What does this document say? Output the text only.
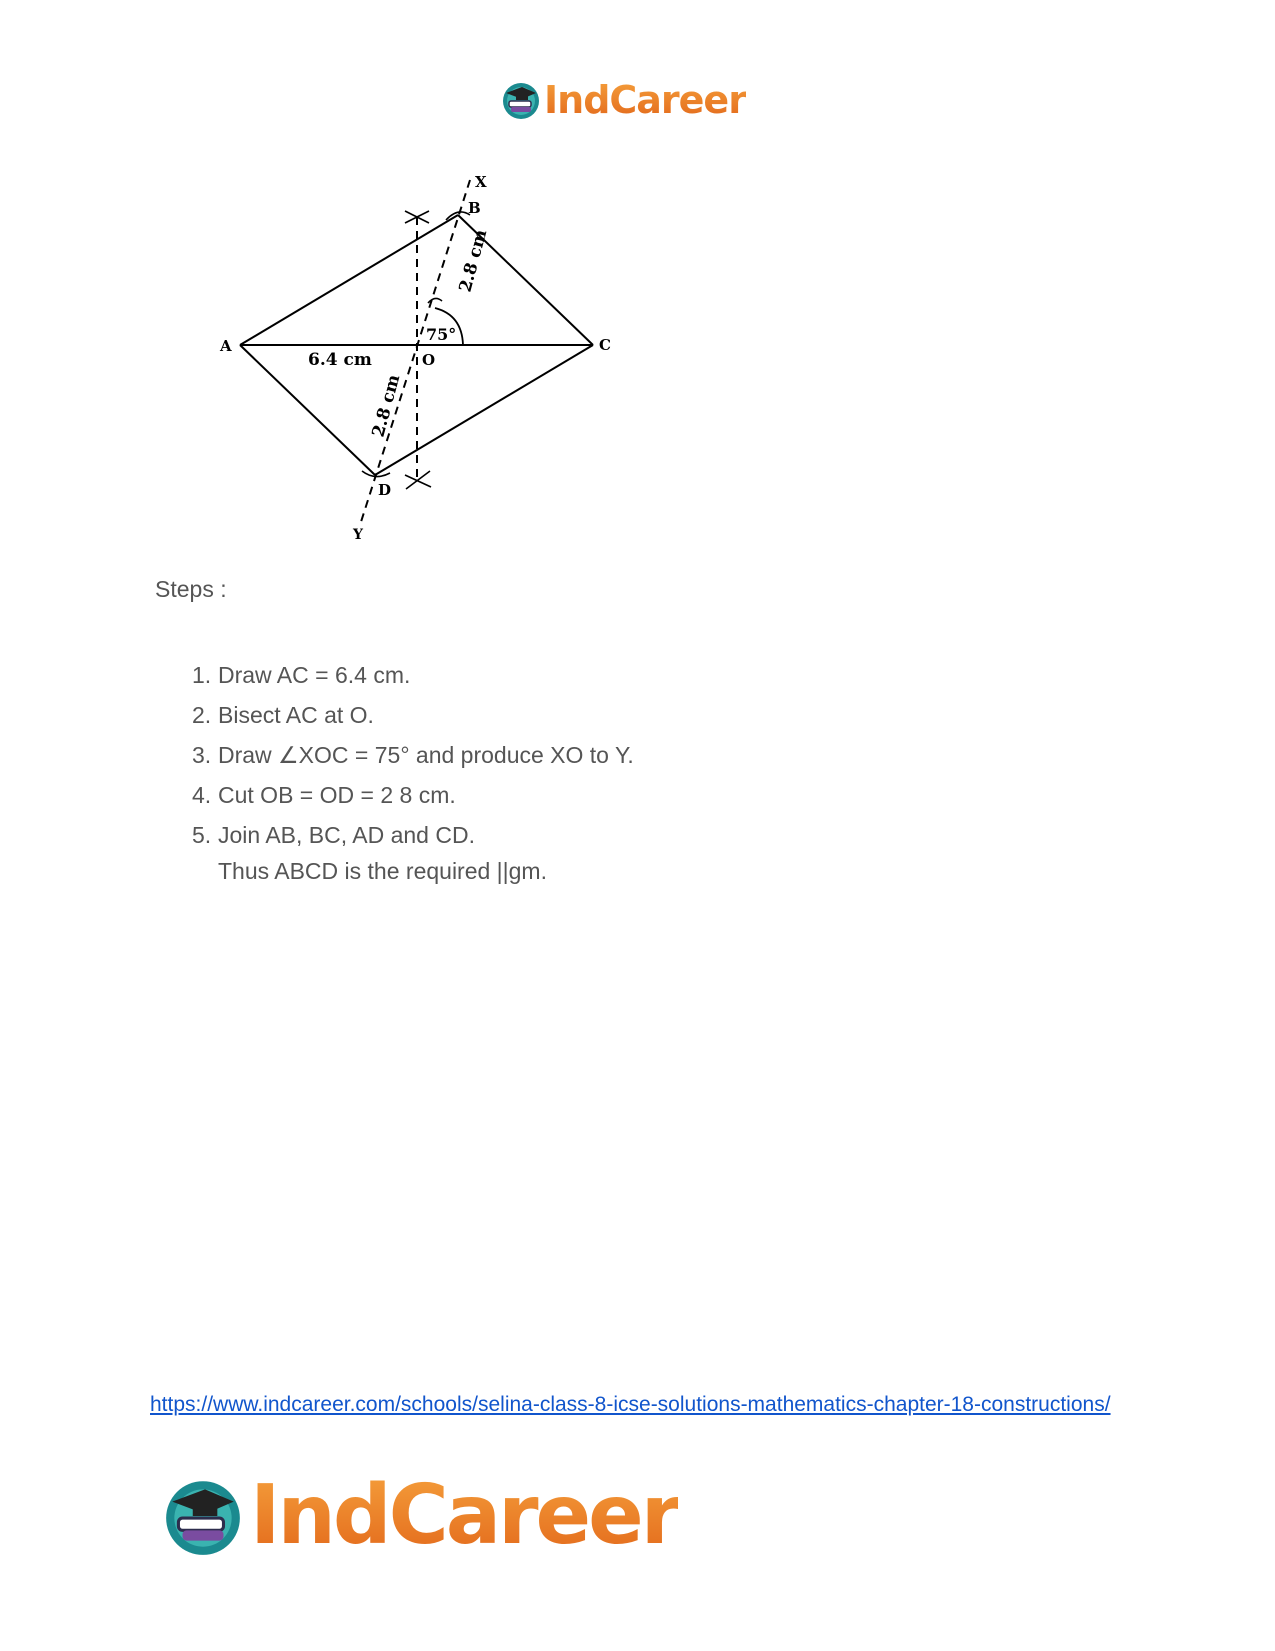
IndCareer
X
B
A
O
C
D
Y
6.4 cm
2.8 cm
2.8 cm
75°
Steps :
1. Draw AC = 6.4 cm.
2. Bisect AC at O.
3. Draw ∠XOC = 75° and produce XO to Y.
4. Cut OB = OD = 2 8 cm.
5. Join AB, BC, AD and CD.
Thus ABCD is the required ||gm.
https://www.indcareer.com/schools/selina-class-8-icse-solutions-mathematics-chapter-18-constructions/
IndCareer
